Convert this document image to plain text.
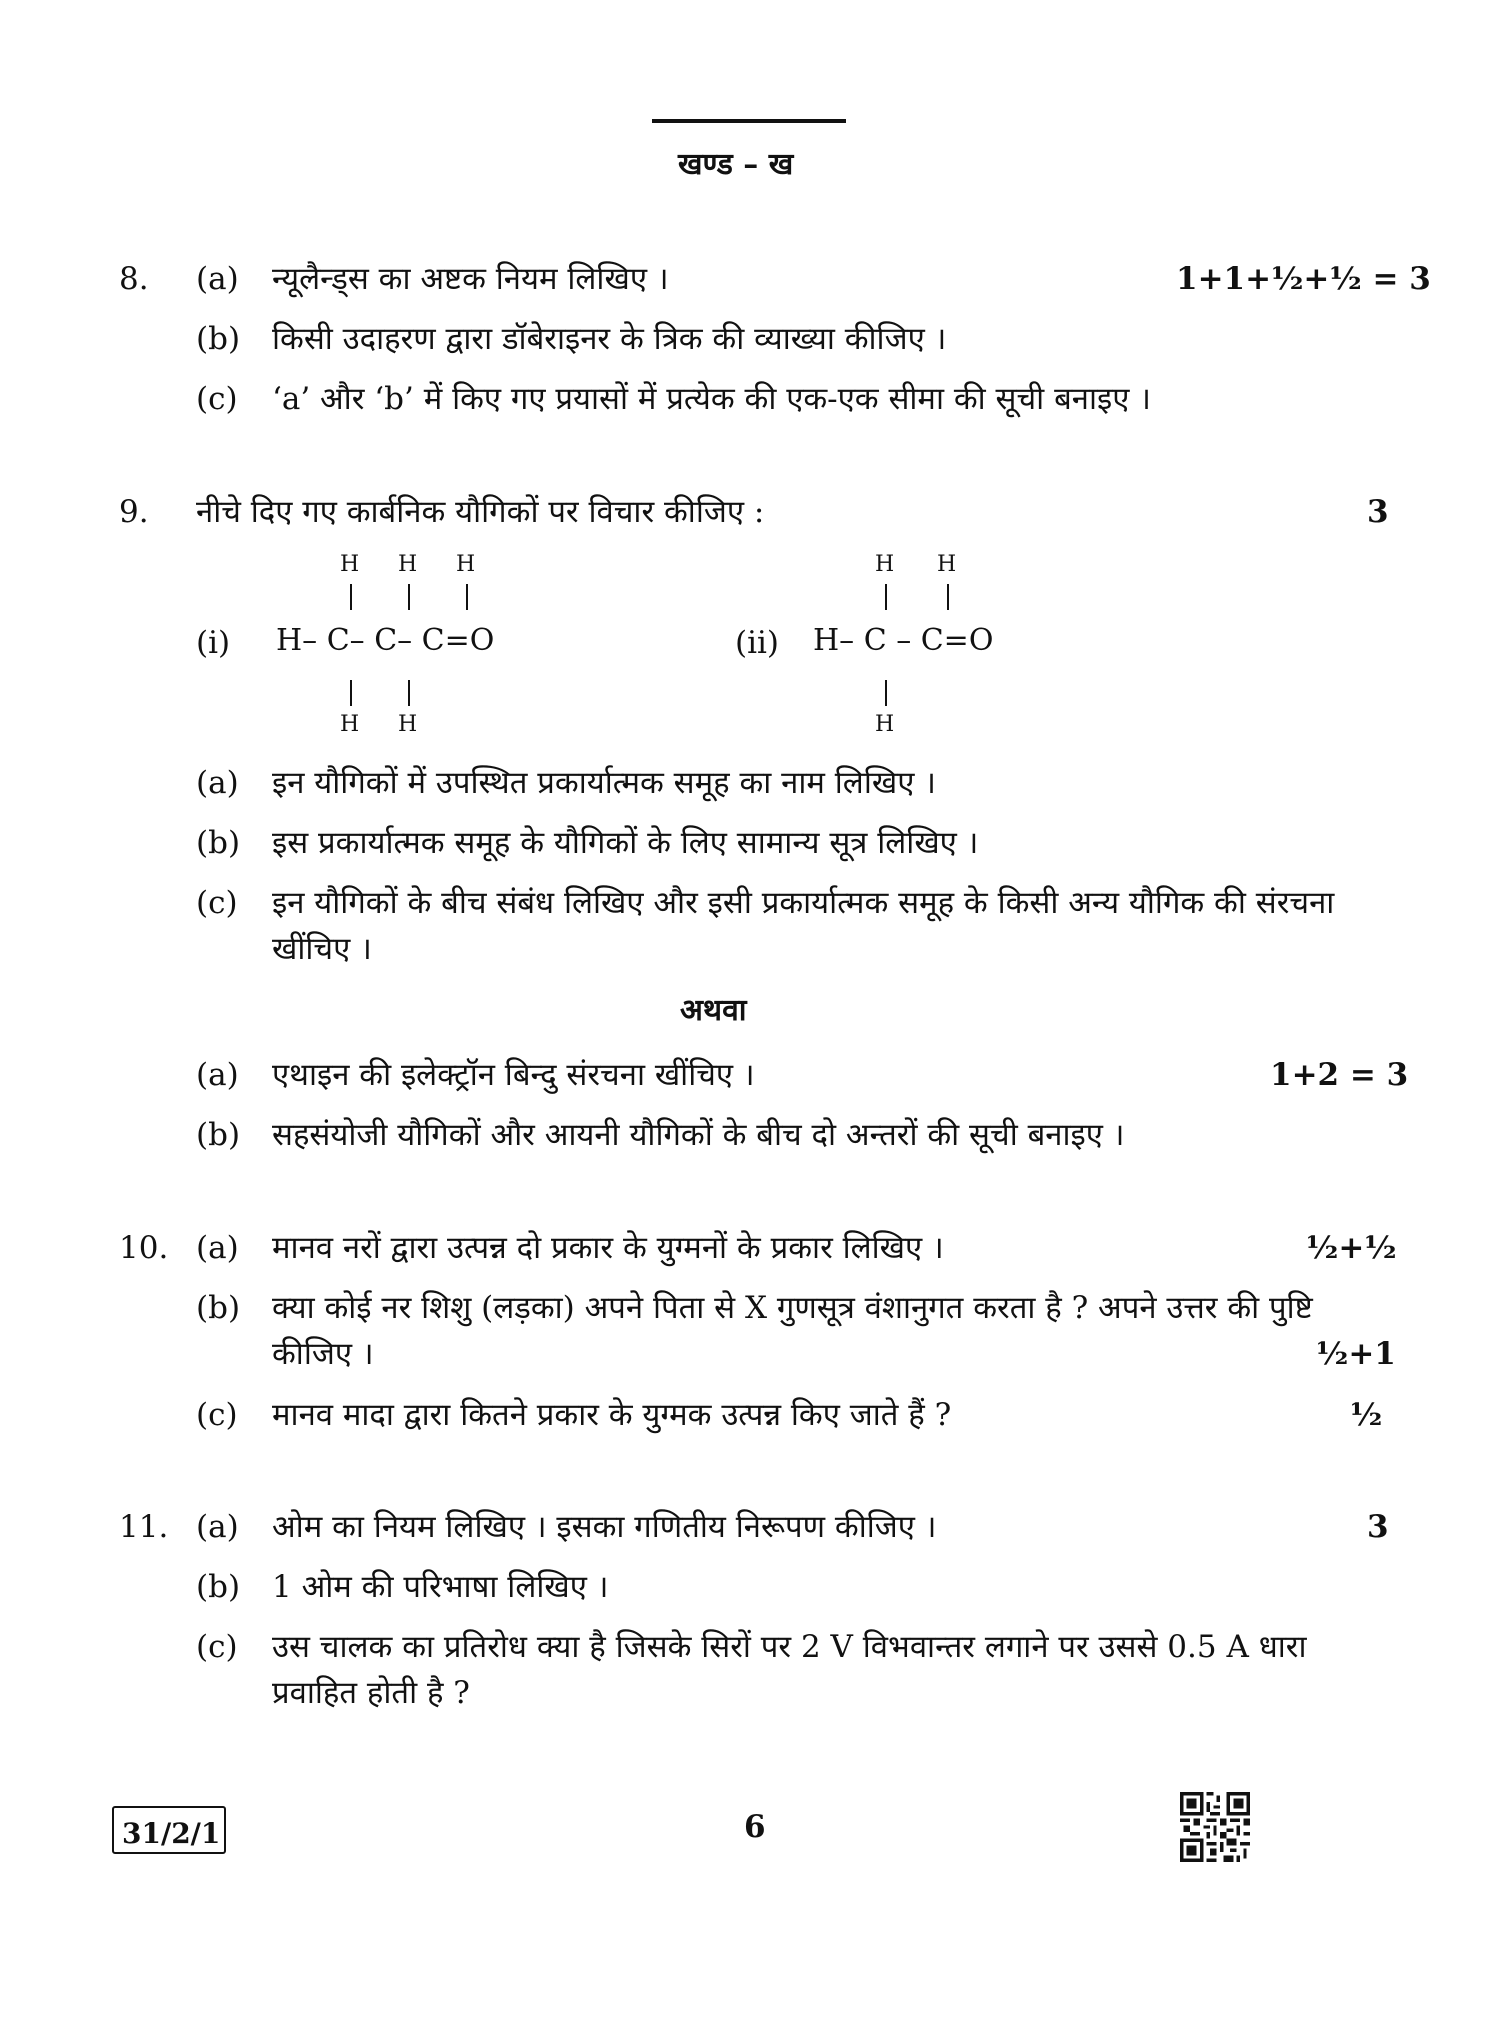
खण्ड – ख
8. (a) न्यूलैन्ड्स का अष्टक नियम लिखिए ।	1+1+½+½ = 3
(b) किसी उदाहरण द्वारा डॉबेराइनर के त्रिक की व्याख्या कीजिए ।
(c) ‘a’ और ‘b’ में किए गए प्रयासों में प्रत्येक की एक-एक सीमा की सूची बनाइए ।
9. नीचे दिए गए कार्बनिक यौगिकों पर विचार कीजिए :	3
(i) H– C– C– C=O
H H H
H H
(ii) H– C – C=O
H H
H
(a) इन यौगिकों में उपस्थित प्रकार्यात्मक समूह का नाम लिखिए ।
(b) इस प्रकार्यात्मक समूह के यौगिकों के लिए सामान्य सूत्र लिखिए ।
(c) इन यौगिकों के बीच संबंध लिखिए और इसी प्रकार्यात्मक समूह के किसी अन्य यौगिक की संरचना
खींचिए ।
अथवा
(a) एथाइन की इलेक्ट्रॉन बिन्दु संरचना खींचिए ।	1+2 = 3
(b) सहसंयोजी यौगिकों और आयनी यौगिकों के बीच दो अन्तरों की सूची बनाइए ।
10. (a) मानव नरों द्वारा उत्पन्न दो प्रकार के युग्मनों के प्रकार लिखिए ।	½+½
(b) क्या कोई नर शिशु (लड़का) अपने पिता से X गुणसूत्र वंशानुगत करता है ? अपने उत्तर की पुष्टि
कीजिए ।	½+1
(c) मानव मादा द्वारा कितने प्रकार के युग्मक उत्पन्न किए जाते हैं ?	½
11. (a) ओम का नियम लिखिए । इसका गणितीय निरूपण कीजिए ।	3
(b) 1 ओम की परिभाषा लिखिए ।
(c) उस चालक का प्रतिरोध क्या है जिसके सिरों पर 2 V विभवान्तर लगाने पर उससे 0.5 A धारा
प्रवाहित होती है ?
31/2/1	6
